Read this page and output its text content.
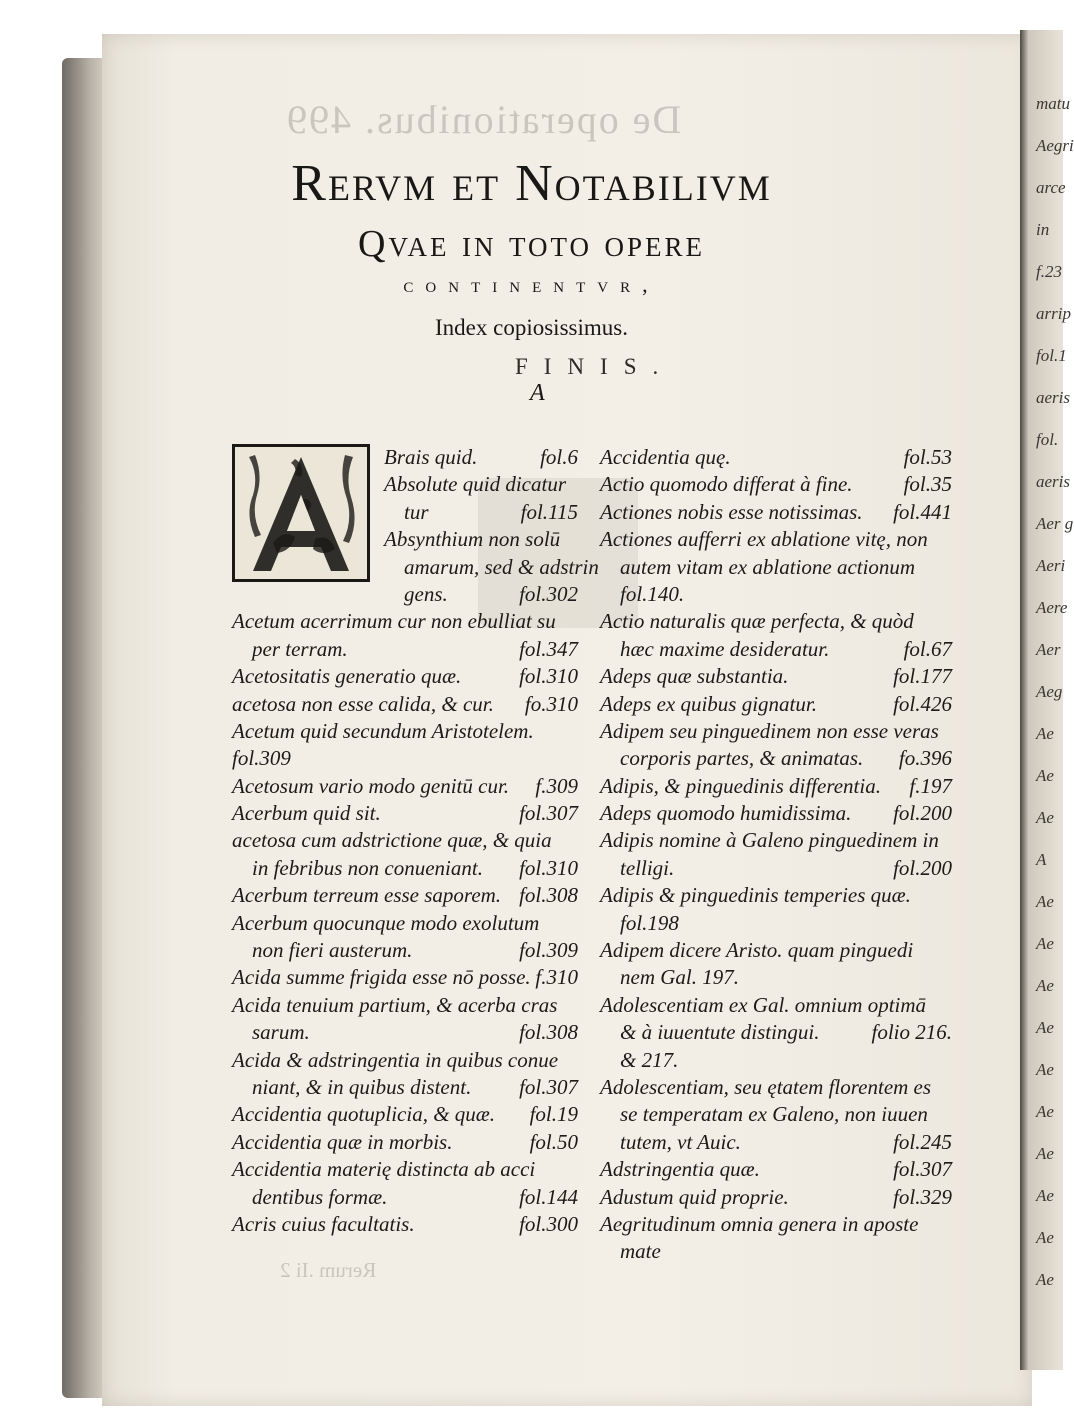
matu
Aegri
arce
in
f.23
arrip
fol.1
aeris
fol.
aeris
Aer g
Aeri
Aere
Aer
Aeg
Ae
Ae
Ae
A
Ae
Ae
Ae
Ae
Ae
Ae
Ae
Ae
Ae
Ae
De operationibus. 499
Rerum .Ii 2
Rervm et Notabilivm
Qvae in toto opere
continentvr,
Index copiosissimus.
FINIS.
A
Brais quid.	fol.6
Absolute quid dicatur
tur	fol.115
Absynthium non solū
amarum, sed & adstrin
gens.	fol.302
Acetum acerrimum cur non ebulliat su
per terram.	fol.347
Acetositatis generatio quæ.	fol.310
acetosa non esse calida, & cur. fo.310
Acetum quid secundum Aristotelem.
fol.309
Acetosum vario modo genitū cur. f.309
Acerbum quid sit.	fol.307
acetosa cum adstrictione quæ, & quia
in febribus non conueniant. fol.310
Acerbum terreum esse saporem. fol.308
Acerbum quocunque modo exolutum
non fieri austerum.	fol.309
Acida summe frigida esse nō posse. f.310
Acida tenuium partium, & acerba cras
sarum.	fol.308
Acida & adstringentia in quibus conue
niant, & in quibus distent. fol.307
Accidentia quotuplicia, & quæ. fol.19
Accidentia quæ in morbis.	fol.50
Accidentia materię distincta ab acci
dentibus formæ.	fol.144
Acris cuius facultatis.	fol.300
Accidentia quę.	fol.53
Actio quomodo differat à fine. fol.35
Actiones nobis esse notissimas. fol.441
Actiones aufferri ex ablatione vitę, non
autem vitam ex ablatione actionum
fol.140.
Actio naturalis quæ perfecta, & quòd
hæc maxime desideratur.	fol.67
Adeps quæ substantia.	fol.177
Adeps ex quibus gignatur.	fol.426
Adipem seu pinguedinem non esse veras
corporis partes, & animatas. fo.396
Adipis, & pinguedinis differentia. f.197
Adeps quomodo humidissima. fol.200
Adipis nomine à Galeno pinguedinem in
telligi.	fol.200
Adipis & pinguedinis temperies quæ.
fol.198
Adipem dicere Aristo. quam pinguedi
nem Gal. 197.
Adolescentiam ex Gal. omnium optimā
& à iuuentute distingui. folio 216.
& 217.
Adolescentiam, seu ętatem florentem es
se temperatam ex Galeno, non iuuen
tutem, vt Auic.	fol.245
Adstringentia quæ.	fol.307
Adustum quid proprie.	fol.329
Aegritudinum omnia genera in aposte
mate
